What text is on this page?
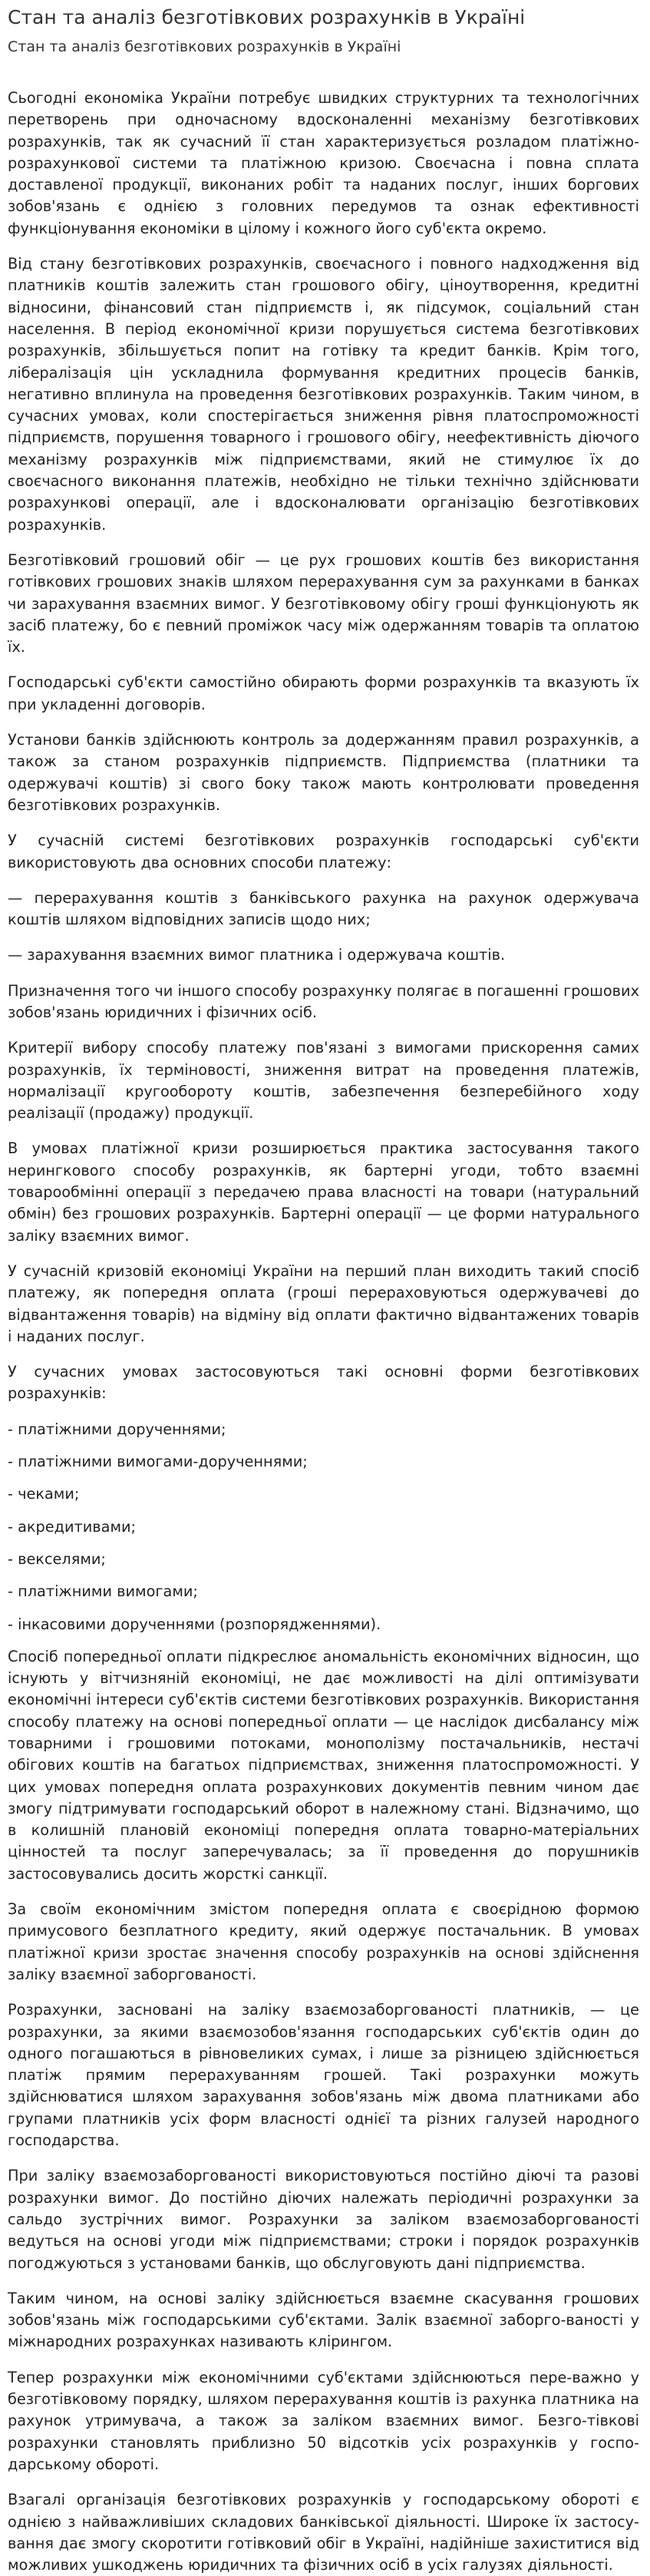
Стан та аналіз безготівкових розрахунків в Україні
Стан та аналіз безготівкових розрахунків в Україні

Сьогодні економіка України потребує швидких структурних та технологічних перетворень при одночасному вдосконаленні механізму безготівкових розрахунків, так як сучасний її стан характеризується розладом платіжно-розрахункової системи та платіжною кризою. Своєчасна і повна сплата доставленої продукції, виконаних робіт та наданих послуг, інших боргових зобов'язань є однією з головних передумов та ознак ефективності функціонування економіки в цілому і кожного його суб'єкта окремо.

Від стану безготівкових розрахунків, своєчасного і повного надходження від платників коштів залежить стан грошового обігу, ціноутворення, кредитні відносини, фінансовий стан підприємств і, як підсумок, соціальний стан населення. В період економічної кризи порушується система безготівкових розрахунків, збільшується попит на готівку та кредит банків. Крім того, лібералізація цін ускладнила формування кредитних процесів банків, негативно вплинула на проведення безготівкових розрахунків. Таким чином, в сучасних умовах, коли спостерігається зниження рівня платоспроможності підприємств, порушення товарного і грошового обігу, неефективність діючого механізму розрахунків між підприємствами, який не стимулює їх до своєчасного виконання платежів, необхідно не тільки технічно здійснювати розрахункові операції, але і вдосконалювати організацію безготівкових розрахунків.

Безготівковий грошовий обіг — це рух грошових коштів без використання готівкових грошових знаків шляхом перерахування сум за рахунками в банках чи зарахування взаємних вимог. У безготівковому обігу гроші функціонують як засіб платежу, бо є певний проміжок часу між одержанням товарів та оплатою їх.

Господарські суб'єкти самостійно обирають форми розрахунків та вказують їх при укладенні договорів.

Установи банків здійснюють контроль за додержанням правил розрахунків, а також за станом розрахунків підприємств. Підприємства (платники та одержувачі коштів) зі свого боку також мають контролювати проведення безготівкових розрахунків.

У сучасній системі безготівкових розрахунків господарські суб'єкти використовують два основних способи платежу:

— перерахування коштів з банківського рахунка на рахунок одержувача коштів шляхом відповідних записів щодо них;

— зарахування взаємних вимог платника і одержувача коштів.

Призначення того чи іншого способу розрахунку полягає в погашенні грошових зобов'язань юридичних і фізичних осіб.

Критерії вибору способу платежу пов'язані з вимогами прискорення самих розрахунків, їх терміновості, зниження витрат на проведення платежів, нормалізації кругообороту коштів, забезпечення безперебійного ходу реалізації (продажу) продукції.

В умовах платіжної кризи розширюється практика застосування такого нерингкового способу розрахунків, як бартерні угоди, тобто взаємні товарообмінні операції з передачею права власності на товари (натуральний обмін) без грошових розрахунків. Бартерні операції — це форми натурального заліку взаємних вимог.

У сучасній кризовій економіці України на перший план виходить такий спосіб платежу, як попередня оплата (гроші перераховуються одержувачеві до відвантаження товарів) на відміну від оплати фактично відвантажених товарів і наданих послуг.

У сучасних умовах застосовуються такі основні форми безготівкових розрахунків:

- платіжними дорученнями;

- платіжними вимогами-дорученнями;

- чеками;

- акредитивами;

- векселями;

- платіжними вимогами;

- інкасовими дорученнями (розпорядженнями).

Спосіб попередньої оплати підкреслює аномальність економічних відносин, що існують у вітчизняній економіці, не дає можливості на ділі оптимізувати економічні інтереси суб'єктів системи безготівкових розрахунків. Використання способу платежу на основі попередньої оплати — це наслідок дисбалансу між товарними і грошовими потоками, монополізму постачальників, нестачі обігових коштів на багатьох підприємствах, зниження платоспроможності. У цих умовах попередня оплата розрахункових документів певним чином дає змогу підтримувати господарський оборот в належному стані. Відзначимо, що в колишній плановій економіці попередня оплата товарно-матеріальних цінностей та послуг заперечувалась; за її проведення до порушників застосовувались досить жорсткі санкції.

За своїм економічним змістом попередня оплата є своєрідною формою примусового безплатного кредиту, який одержує постачальник. В умовах платіжної кризи зростає значення способу розрахунків на основі здійснення заліку взаємної заборгованості.

Розрахунки, засновані на заліку взаємозаборгованості платників, — це розрахунки, за якими взаємозобов'язання господарських суб'єктів один до одного погашаються в рівновеликих сумах, і лише за різницею здійснюється платіж прямим перерахуванням грошей. Такі розрахунки можуть здійснюватися шляхом зарахування зобов'язань між двома платниками або групами платників усіх форм власності однієї та різних галузей народного господарства.

При заліку взаємозаборгованості використовуються постійно діючі та разові розрахунки вимог. До постійно діючих належать періодичні розрахунки за сальдо зустрічних вимог. Розрахунки за заліком взаємозаборгованості ведуться на основі угоди між підприємствами; строки і порядок розрахунків погоджуються з установами банків, що обслуговують дані підприємства.

Таким чином, на основі заліку здійснюється взаємне скасування грошових зобов'язань між господарськими суб'єктами. Залік взаємної заборго-ваності у міжнародних розрахунках називають клірингом.

Тепер розрахунки між економічними суб'єктами здійснюються пере-важно у безготівковому порядку, шляхом перерахування коштів із рахунка платника на рахунок утримувача, а також за заліком взаємних вимог. Безго-тівкові розрахунки становлять приблизно 50 відсотків усіх розрахунків у госпо-дарському обороті.

Взагалі організація безготівкових розрахунків у господарському обороті є однією з найважливіших складових банківської діяльності. Широке їх застосу-вання дає змогу скоротити готівковий обіг в Україні, надійніше захиститися від можливих ушкоджень юридичних та фізичних осіб в усіх галузях діяльності.
